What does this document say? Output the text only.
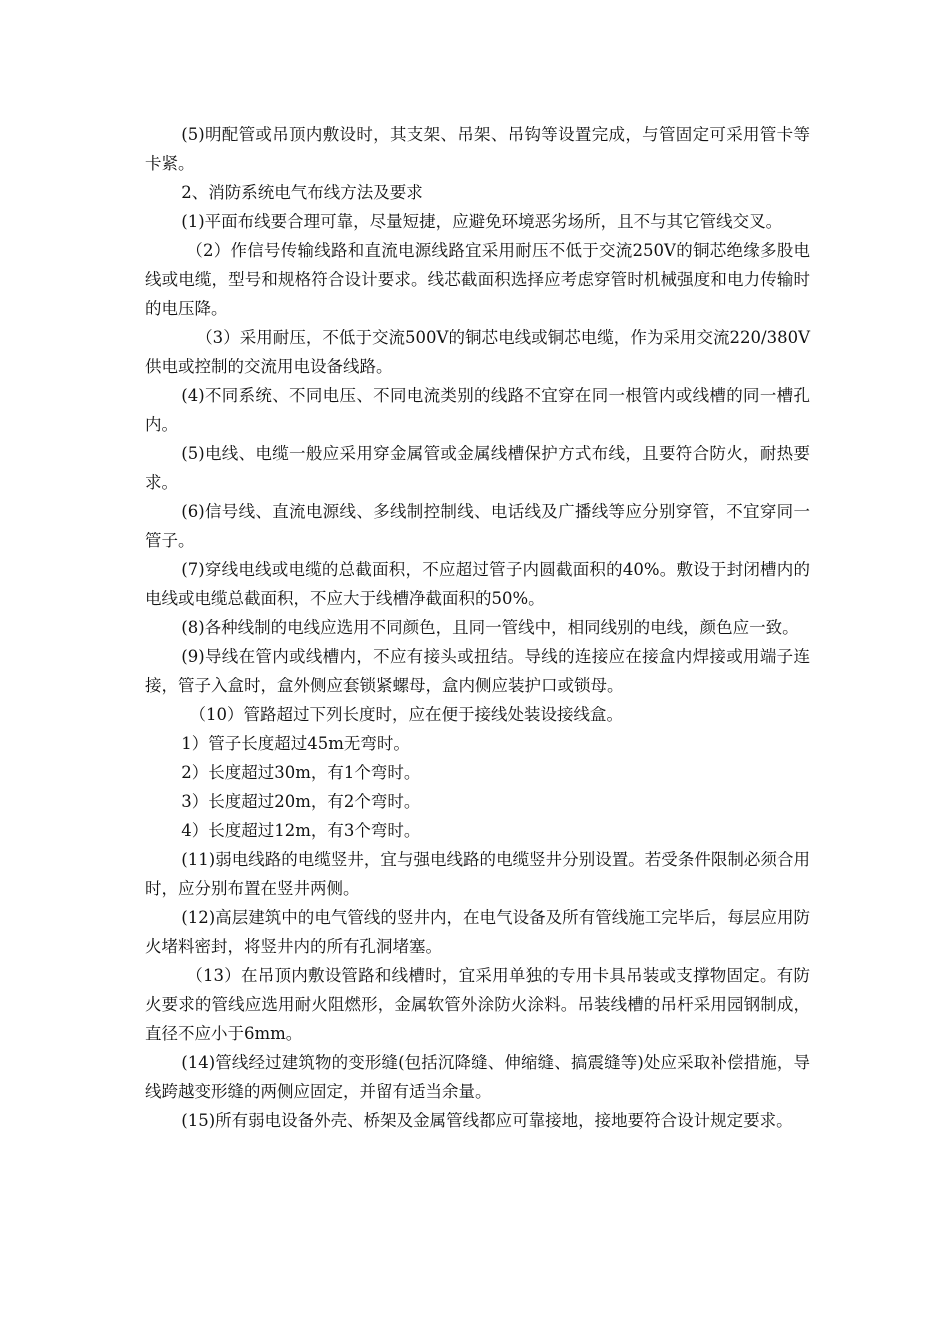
(5)明配管或吊顶内敷设时，其支架、吊架、吊钩等设置完成，与管固定可采用管卡等卡紧。

2、消防系统电气布线方法及要求

(1)平面布线要合理可靠，尽量短捷，应避免环境恶劣场所，且不与其它管线交叉。

（2）作信号传输线路和直流电源线路宜采用耐压不低于交流250V的铜芯绝缘多股电线或电缆，型号和规格符合设计要求。线芯截面积选择应考虑穿管时机械强度和电力传输时的电压降。

（3）采用耐压，不低于交流500V的铜芯电线或铜芯电缆，作为采用交流220/380V供电或控制的交流用电设备线路。

(4)不同系统、不同电压、不同电流类别的线路不宜穿在同一根管内或线槽的同一槽孔内。

(5)电线、电缆一般应采用穿金属管或金属线槽保护方式布线，且要符合防火，耐热要求。

(6)信号线、直流电源线、多线制控制线、电话线及广播线等应分别穿管，不宜穿同一管子。

(7)穿线电线或电缆的总截面积，不应超过管子内圆截面积的40%。敷设于封闭槽内的电线或电缆总截面积，不应大于线槽净截面积的50%。

(8)各种线制的电线应选用不同颜色，且同一管线中，相同线别的电线，颜色应一致。

(9)导线在管内或线槽内，不应有接头或扭结。导线的连接应在接盒内焊接或用端子连接，管子入盒时，盒外侧应套锁紧螺母，盒内侧应装护口或锁母。

（10）管路超过下列长度时，应在便于接线处装设接线盒。

1）管子长度超过45m无弯时。

2）长度超过30m，有1个弯时。

3）长度超过20m，有2个弯时。

4）长度超过12m，有3个弯时。

(11)弱电线路的电缆竖井，宜与强电线路的电缆竖井分别设置。若受条件限制必须合用时，应分别布置在竖井两侧。

(12)高层建筑中的电气管线的竖井内，在电气设备及所有管线施工完毕后，每层应用防火堵料密封，将竖井内的所有孔洞堵塞。

（13）在吊顶内敷设管路和线槽时，宜采用单独的专用卡具吊装或支撑物固定。有防火要求的管线应选用耐火阻燃形，金属软管外涂防火涂料。吊装线槽的吊杆采用园钢制成，直径不应小于6mm。

(14)管线经过建筑物的变形缝(包括沉降缝、伸缩缝、搞震缝等)处应采取补偿措施，导线跨越变形缝的两侧应固定，并留有适当余量。

(15)所有弱电设备外壳、桥架及金属管线都应可靠接地，接地要符合设计规定要求。
